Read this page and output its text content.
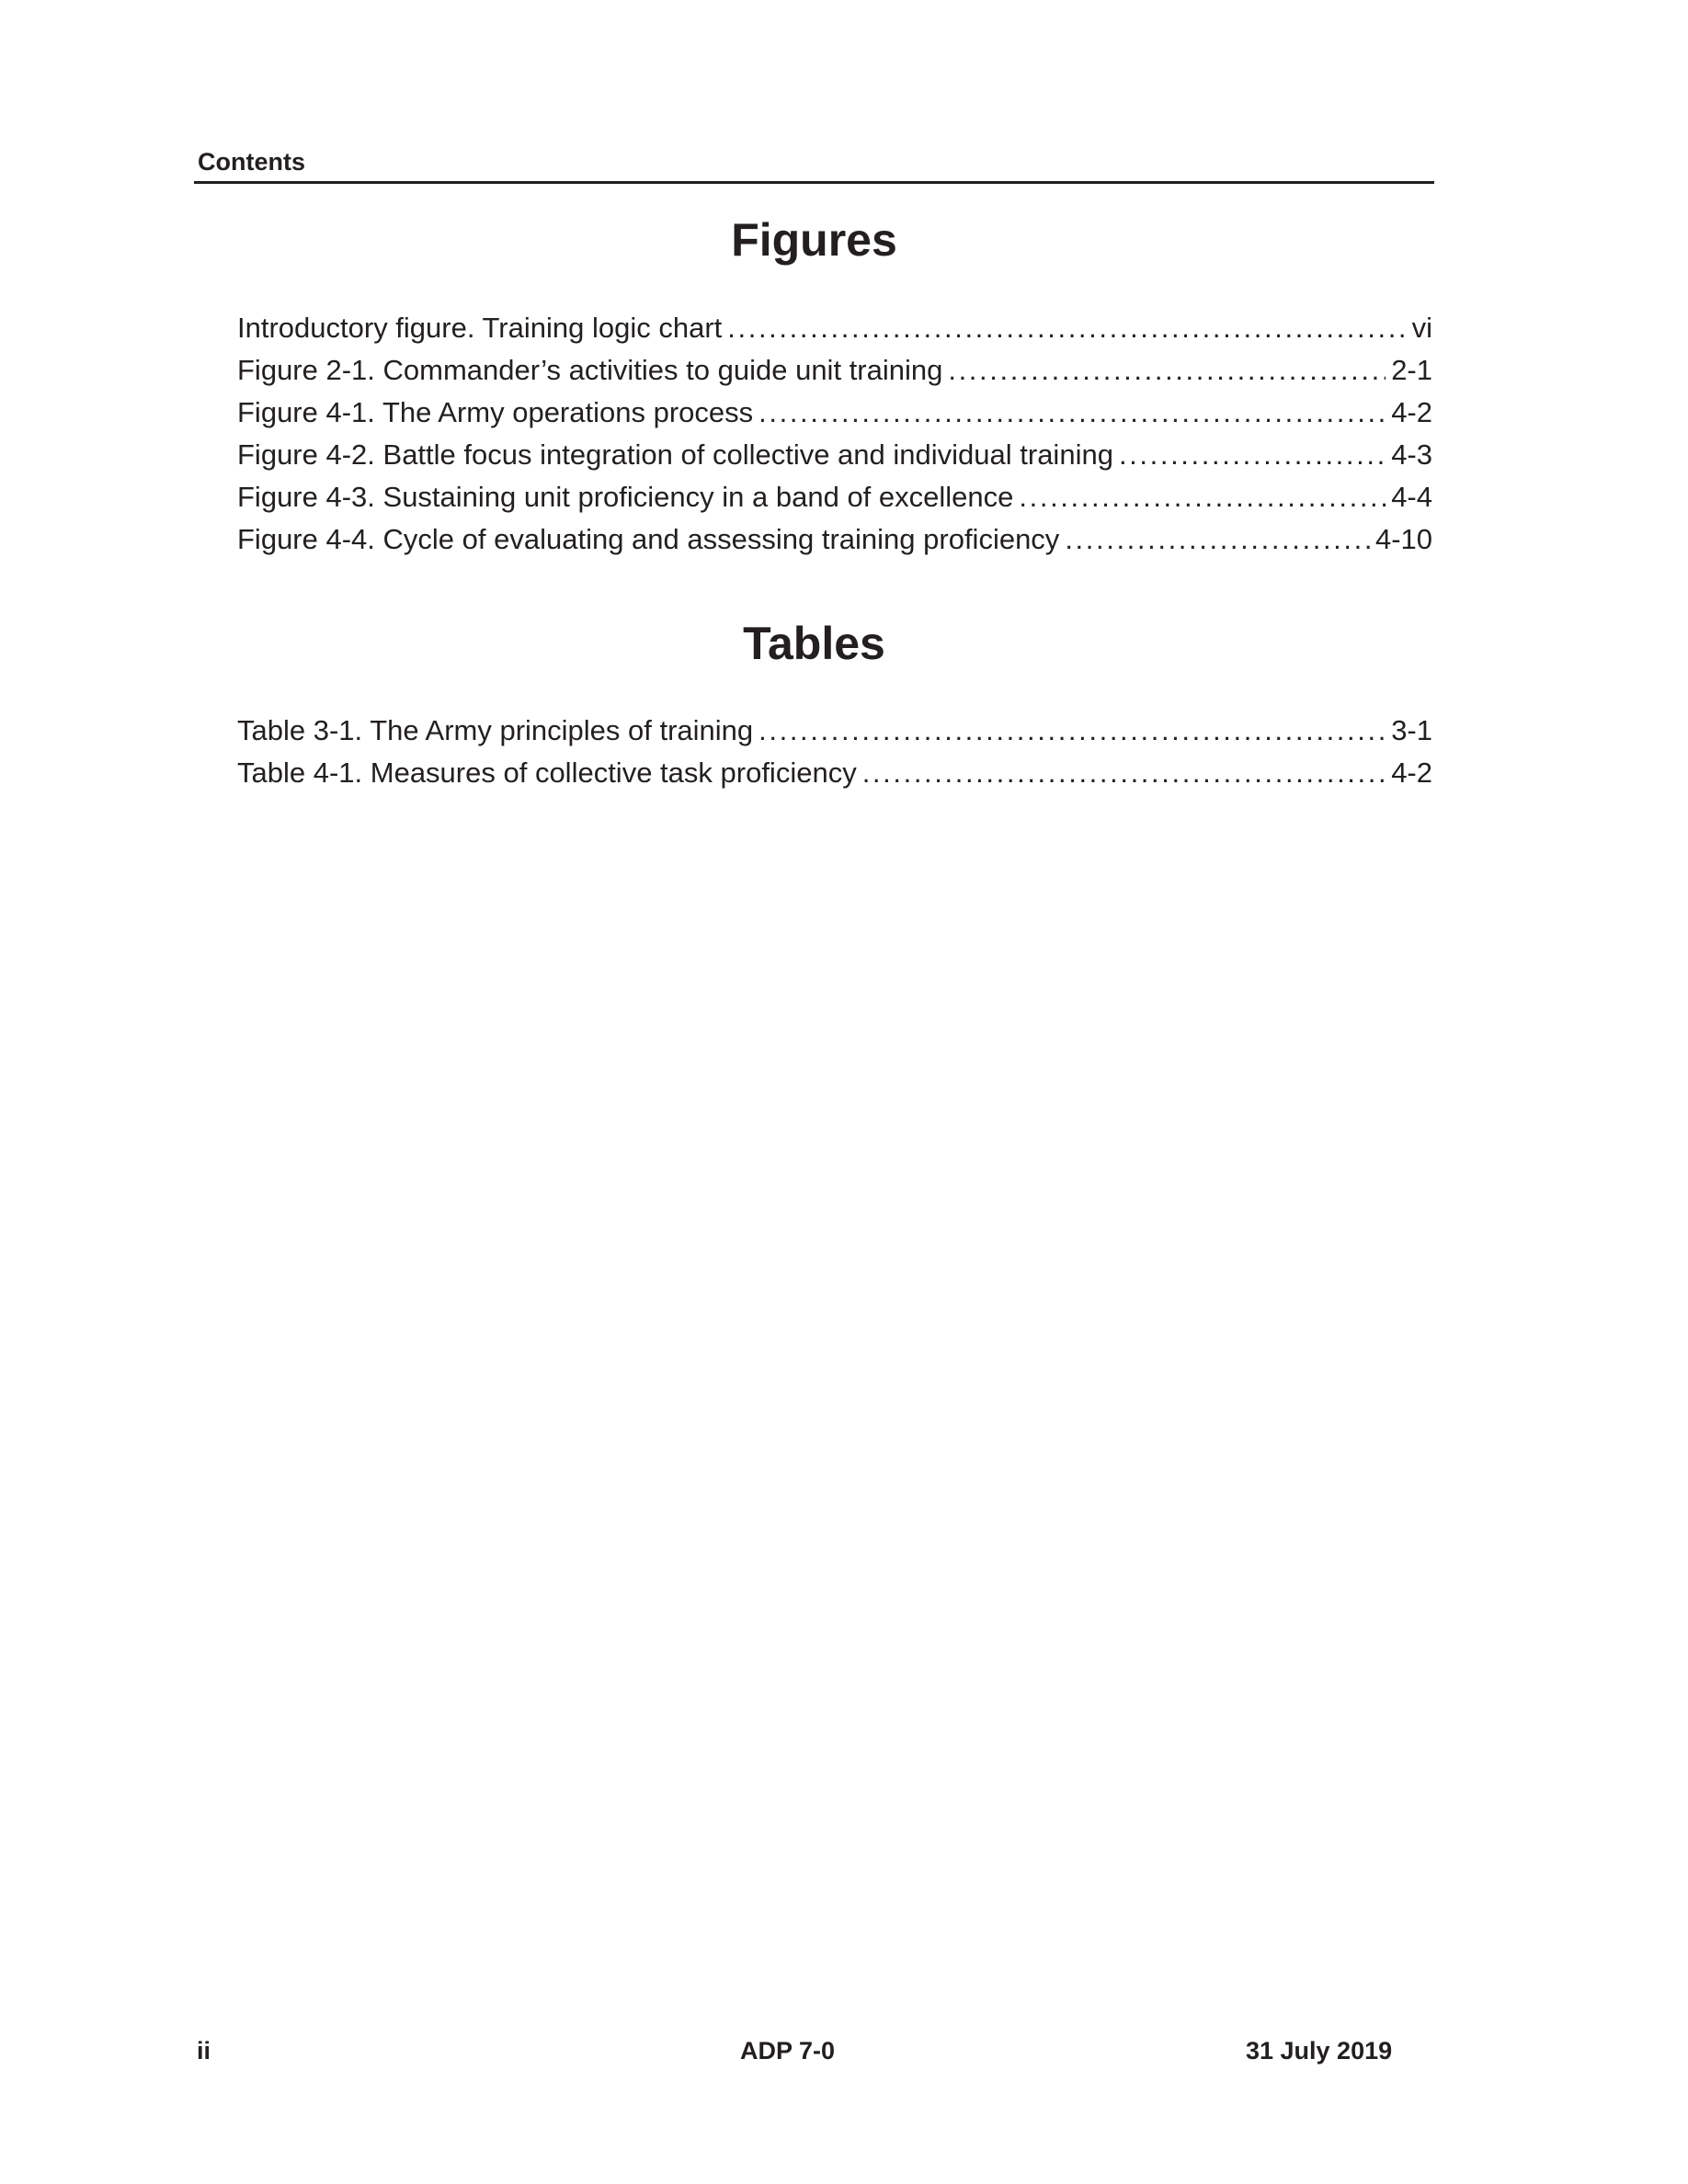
Contents
Figures
Introductory figure. Training logic chart . . .	vi
Figure 2-1. Commander’s activities to guide unit training . . .	2-1
Figure 4-1. The Army operations process . . .	4-2
Figure 4-2. Battle focus integration of collective and individual training . . .	4-3
Figure 4-3. Sustaining unit proficiency in a band of excellence . . .	4-4
Figure 4-4. Cycle of evaluating and assessing training proficiency . . .	4-10
Tables
Table 3-1. The Army principles of training . . .	3-1
Table 4-1. Measures of collective task proficiency . . .	4-2
ii	ADP 7-0	31 July 2019
